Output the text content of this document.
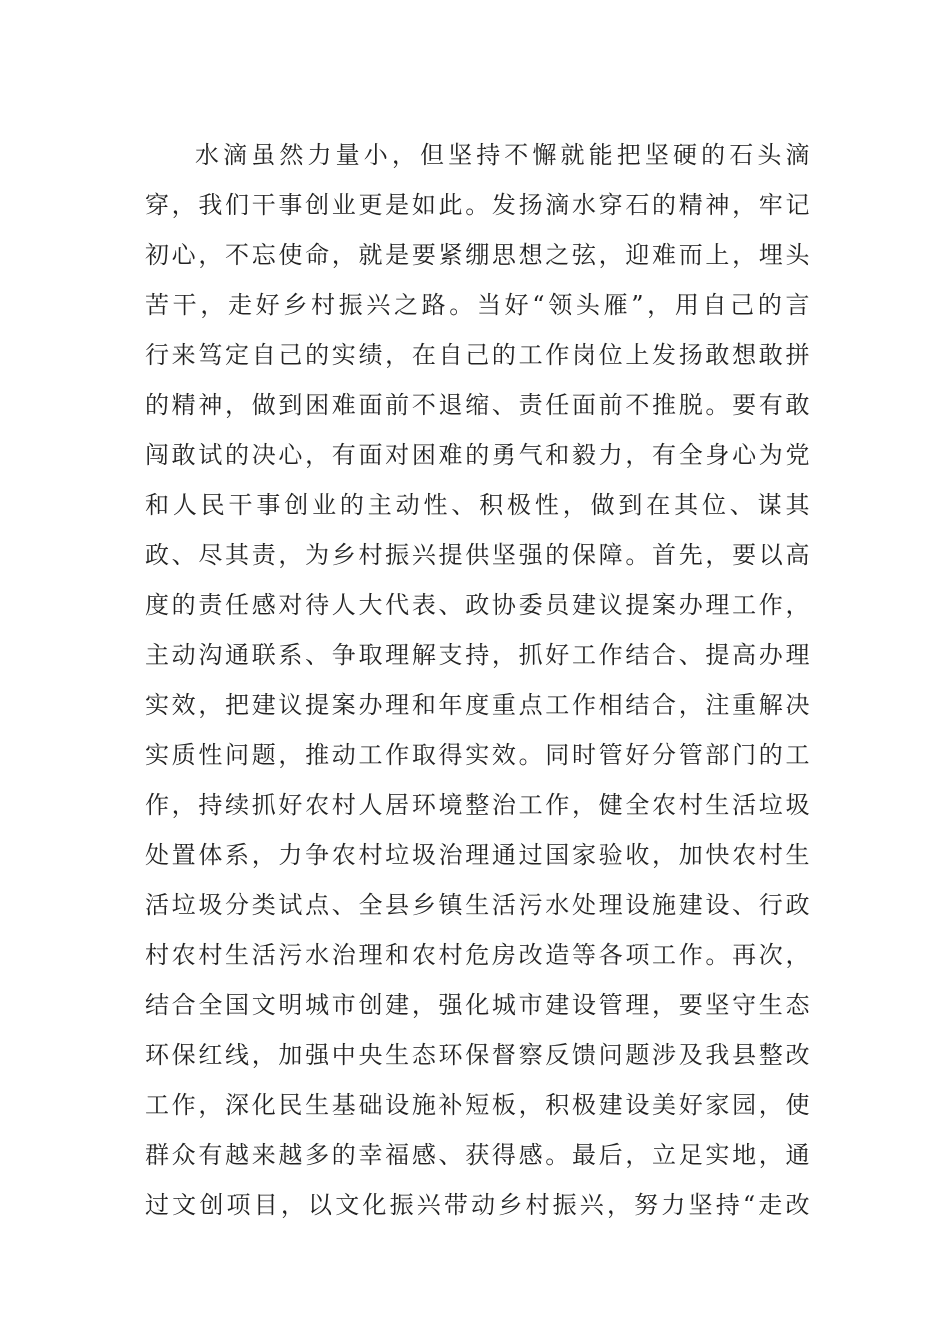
水滴虽然力量小，但坚持不懈就能把坚硬的石头滴
穿，我们干事创业更是如此。发扬滴水穿石的精神，牢记
初心，不忘使命，就是要紧绷思想之弦，迎难而上，埋头
苦干，走好乡村振兴之路。当好“领头雁”，用自己的言
行来笃定自己的实绩，在自己的工作岗位上发扬敢想敢拼
的精神，做到困难面前不退缩、责任面前不推脱。要有敢
闯敢试的决心，有面对困难的勇气和毅力，有全身心为党
和人民干事创业的主动性、积极性，做到在其位、谋其
政、尽其责，为乡村振兴提供坚强的保障。首先，要以高
度的责任感对待人大代表、政协委员建议提案办理工作，
主动沟通联系、争取理解支持，抓好工作结合、提高办理
实效，把建议提案办理和年度重点工作相结合，注重解决
实质性问题，推动工作取得实效。同时管好分管部门的工
作，持续抓好农村人居环境整治工作，健全农村生活垃圾
处置体系，力争农村垃圾治理通过国家验收，加快农村生
活垃圾分类试点、全县乡镇生活污水处理设施建设、行政
村农村生活污水治理和农村危房改造等各项工作。再次，
结合全国文明城市创建，强化城市建设管理，要坚守生态
环保红线，加强中央生态环保督察反馈问题涉及我县整改
工作，深化民生基础设施补短板，积极建设美好家园，使
群众有越来越多的幸福感、获得感。最后，立足实地，通
过文创项目，以文化振兴带动乡村振兴，努力坚持“走改
